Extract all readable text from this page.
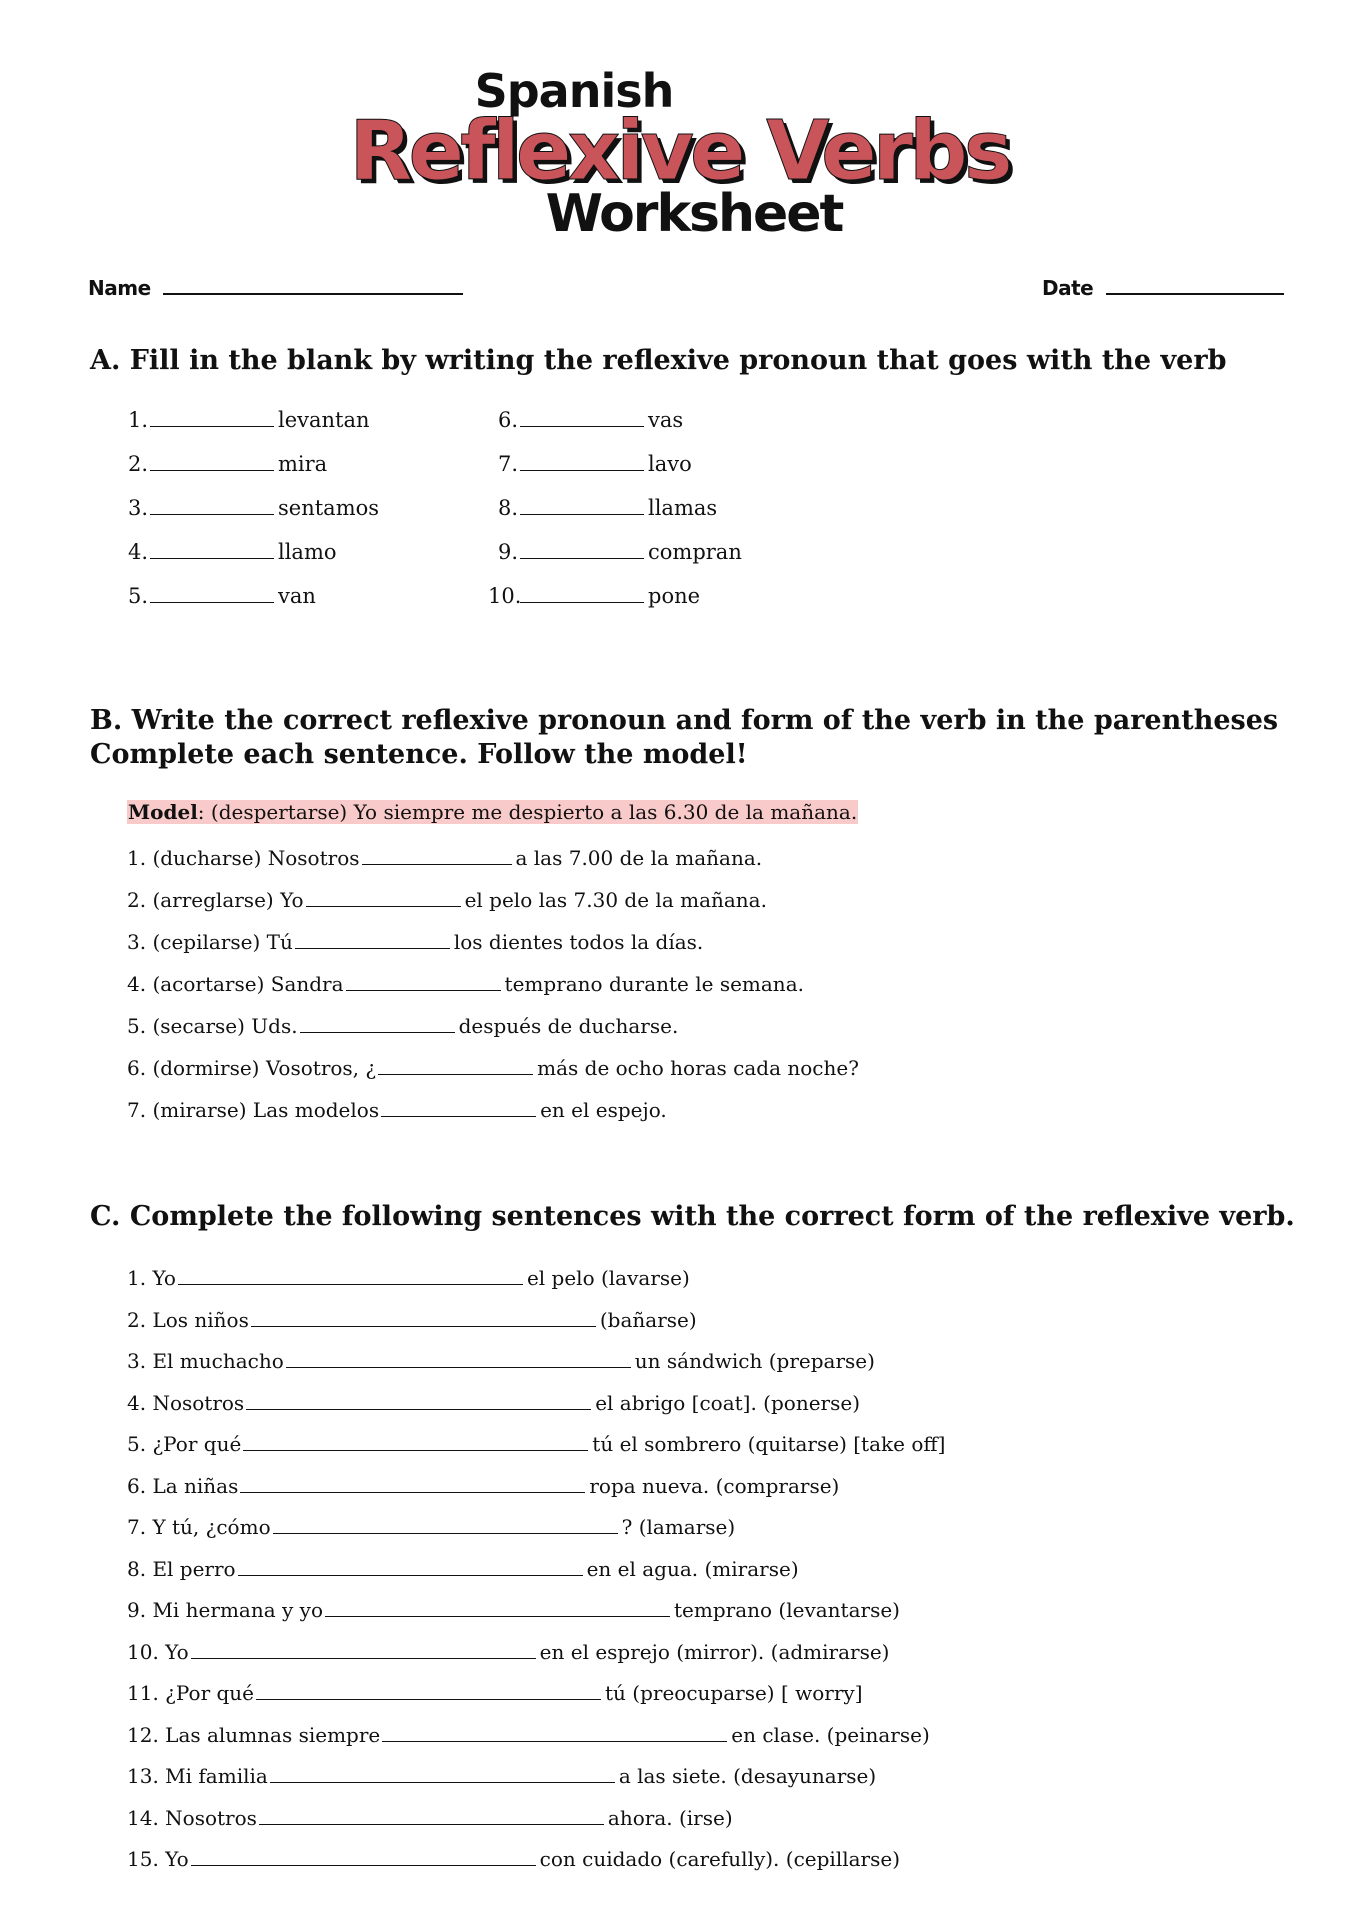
Spanish
Reflexive Verbs
Worksheet
Name	Date
A. Fill in the blank by writing the reflexive pronoun that goes with the verb
1.	levantan
2.	mira
3.	sentamos
4.	llamo
5.	van
6.	vas
7.	lavo
8.	llamas
9.	compran
10.	pone
B. Write the correct reflexive pronoun and form of the verb in the parentheses
Complete each sentence. Follow the model!
Model: (despertarse) Yo siempre me despierto a las 6.30 de la mañana.
1. (ducharse) Nosotros	a las 7.00 de la mañana.
2. (arreglarse) Yo	el pelo las 7.30 de la mañana.
3. (cepilarse) Tú	los dientes todos la días.
4. (acortarse) Sandra	temprano durante le semana.
5. (secarse) Uds.	después de ducharse.
6. (dormirse) Vosotros, ¿	más de ocho horas cada noche?
7. (mirarse) Las modelos	en el espejo.
C. Complete the following sentences with the correct form of the reflexive verb.
1. Yo	el pelo (lavarse)
2. Los niños	(bañarse)
3. El muchacho	un sándwich (preparse)
4. Nosotros	el abrigo [coat]. (ponerse)
5. ¿Por qué	tú el sombrero (quitarse) [take off]
6. La niñas	ropa nueva. (comprarse)
7. Y tú, ¿cómo	? (lamarse)
8. El perro	en el agua. (mirarse)
9. Mi hermana y yo	temprano (levantarse)
10. Yo	en el esprejo (mirror). (admirarse)
11. ¿Por qué	tú (preocuparse) [ worry]
12. Las alumnas siempre	en clase. (peinarse)
13. Mi familia	a las siete. (desayunarse)
14. Nosotros	ahora. (irse)
15. Yo	con cuidado (carefully). (cepillarse)
